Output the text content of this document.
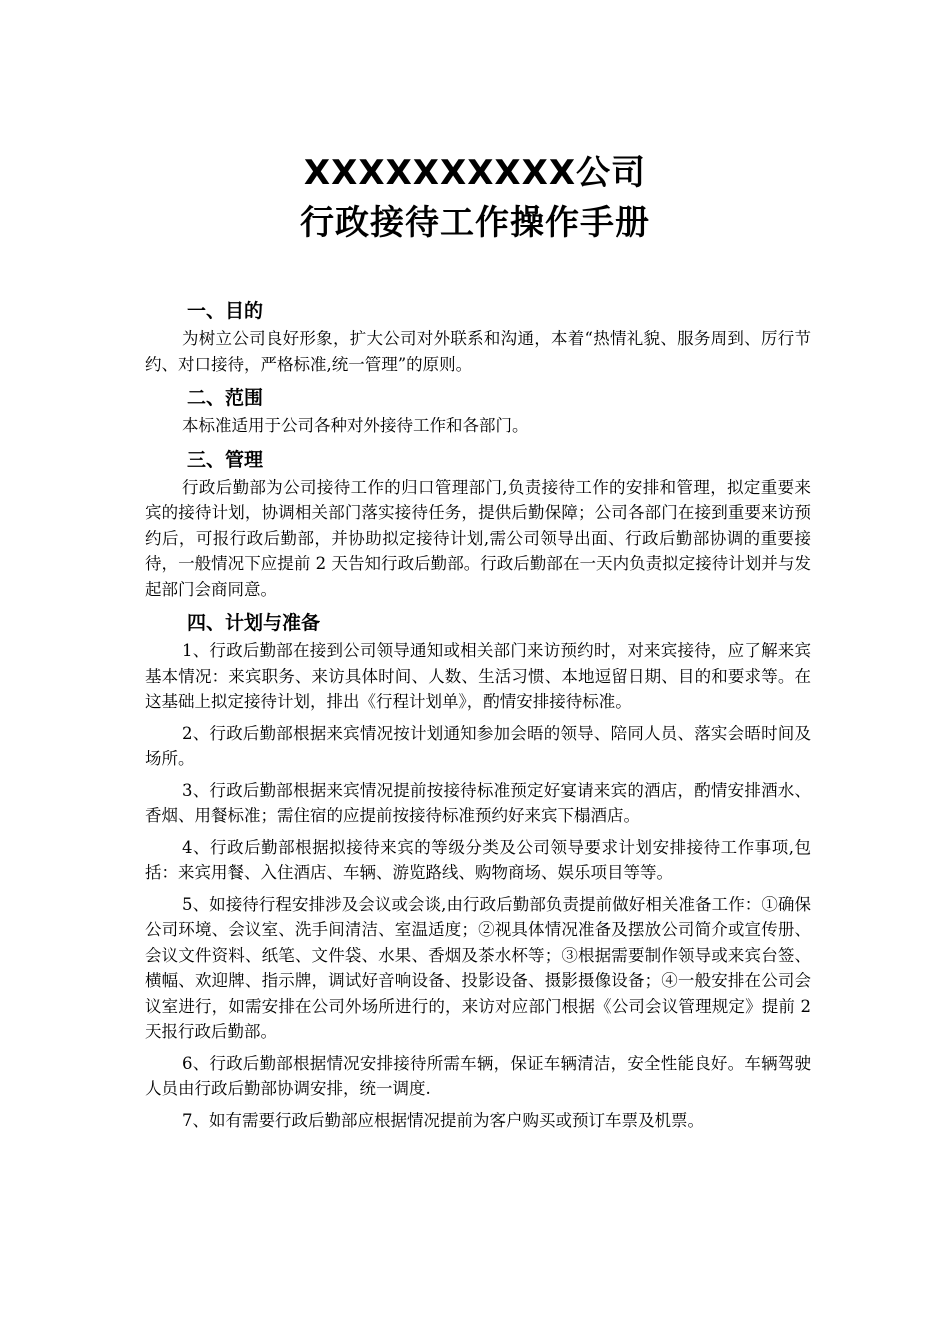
XXXXXXXXXX公司
行政接待工作操作手册
一、目的

为树立公司良好形象，扩大公司对外联系和沟通，本着“热情礼貌、服务周到、厉行节约、对口接待，严格标准,统一管理”的原则。

二、范围

本标准适用于公司各种对外接待工作和各部门。

三、管理

行政后勤部为公司接待工作的归口管理部门,负责接待工作的安排和管理，拟定重要来宾的接待计划，协调相关部门落实接待任务，提供后勤保障；公司各部门在接到重要来访预约后，可报行政后勤部，并协助拟定接待计划,需公司领导出面、行政后勤部协调的重要接待，一般情况下应提前 2 天告知行政后勤部。行政后勤部在一天内负责拟定接待计划并与发起部门会商同意。

四、计划与准备

1、行政后勤部在接到公司领导通知或相关部门来访预约时，对来宾接待，应了解来宾基本情况：来宾职务、来访具体时间、人数、生活习惯、本地逗留日期、目的和要求等。在这基础上拟定接待计划，排出《行程计划单》，酌情安排接待标准。

2、行政后勤部根据来宾情况按计划通知参加会晤的领导、陪同人员、落实会晤时间及场所。

3、行政后勤部根据来宾情况提前按接待标准预定好宴请来宾的酒店，酌情安排酒水、香烟、用餐标准；需住宿的应提前按接待标准预约好来宾下榻酒店。

4、行政后勤部根据拟接待来宾的等级分类及公司领导要求计划安排接待工作事项,包括：来宾用餐、入住酒店、车辆、游览路线、购物商场、娱乐项目等等。

5、如接待行程安排涉及会议或会谈,由行政后勤部负责提前做好相关准备工作：①确保公司环境、会议室、洗手间清洁、室温适度；②视具体情况准备及摆放公司简介或宣传册、会议文件资料、纸笔、文件袋、水果、香烟及茶水杯等；③根据需要制作领导或来宾台签、横幅、欢迎牌、指示牌，调试好音响设备、投影设备、摄影摄像设备；④一般安排在公司会议室进行，如需安排在公司外场所进行的，来访对应部门根据《公司会议管理规定》提前 2 天报行政后勤部。

6、行政后勤部根据情况安排接待所需车辆，保证车辆清洁，安全性能良好。车辆驾驶人员由行政后勤部协调安排，统一调度.

7、如有需要行政后勤部应根据情况提前为客户购买或预订车票及机票。
